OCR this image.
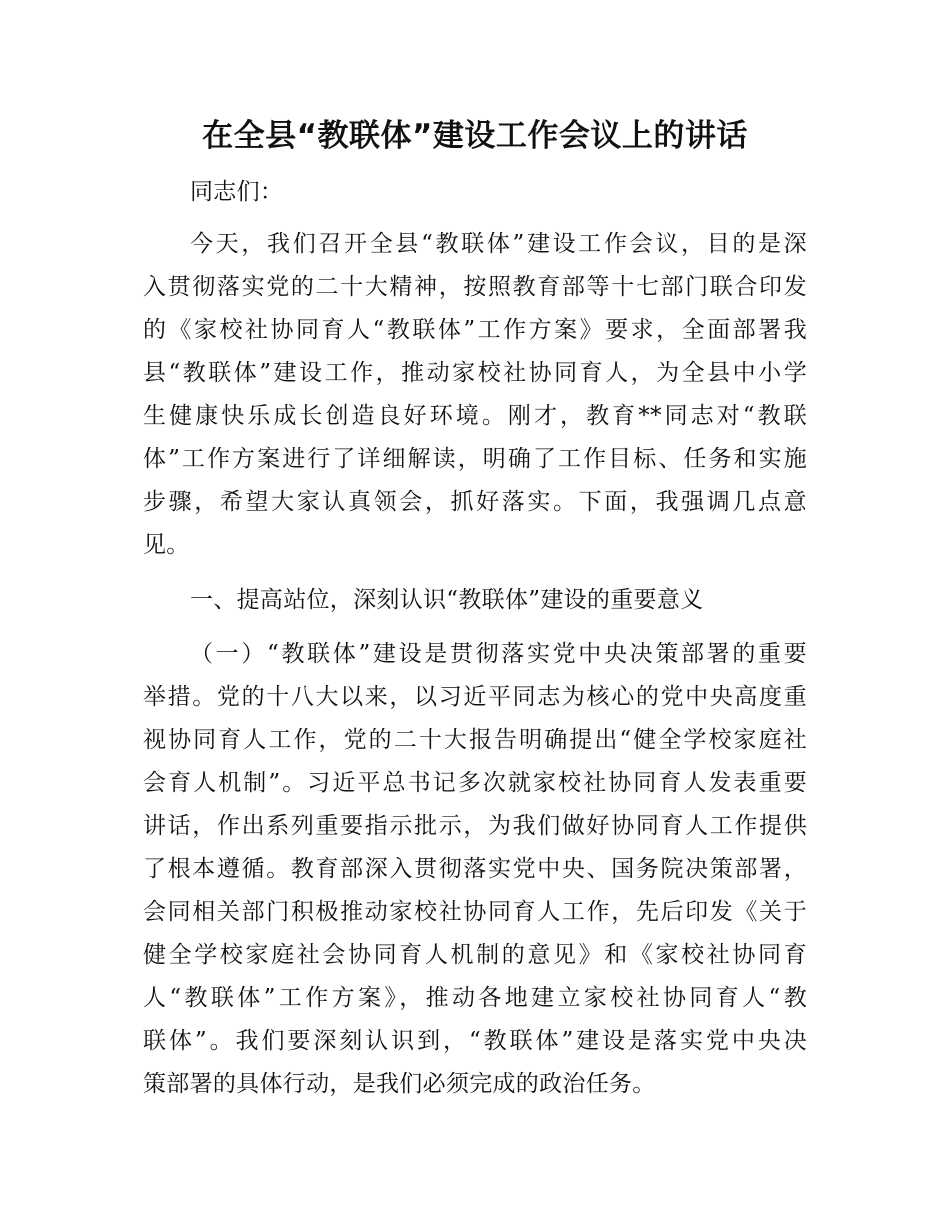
在全县“教联体”建设工作会议上的讲话
同志们：
今天，我们召开全县“教联体”建设工作会议，目的是深
入贯彻落实党的二十大精神，按照教育部等十七部门联合印发
的《家校社协同育人“教联体”工作方案》要求，全面部署我
县“教联体”建设工作，推动家校社协同育人，为全县中小学
生健康快乐成长创造良好环境。刚才，教育**同志对“教联
体”工作方案进行了详细解读，明确了工作目标、任务和实施
步骤，希望大家认真领会，抓好落实。下面，我强调几点意
见。
一、提高站位，深刻认识“教联体”建设的重要意义
（一）“教联体”建设是贯彻落实党中央决策部署的重要
举措。党的十八大以来，以习近平同志为核心的党中央高度重
视协同育人工作，党的二十大报告明确提出“健全学校家庭社
会育人机制”。习近平总书记多次就家校社协同育人发表重要
讲话，作出系列重要指示批示，为我们做好协同育人工作提供
了根本遵循。教育部深入贯彻落实党中央、国务院决策部署，
会同相关部门积极推动家校社协同育人工作，先后印发《关于
健全学校家庭社会协同育人机制的意见》和《家校社协同育
人“教联体”工作方案》，推动各地建立家校社协同育人“教
联体”。我们要深刻认识到，“教联体”建设是落实党中央决
策部署的具体行动，是我们必须完成的政治任务。
